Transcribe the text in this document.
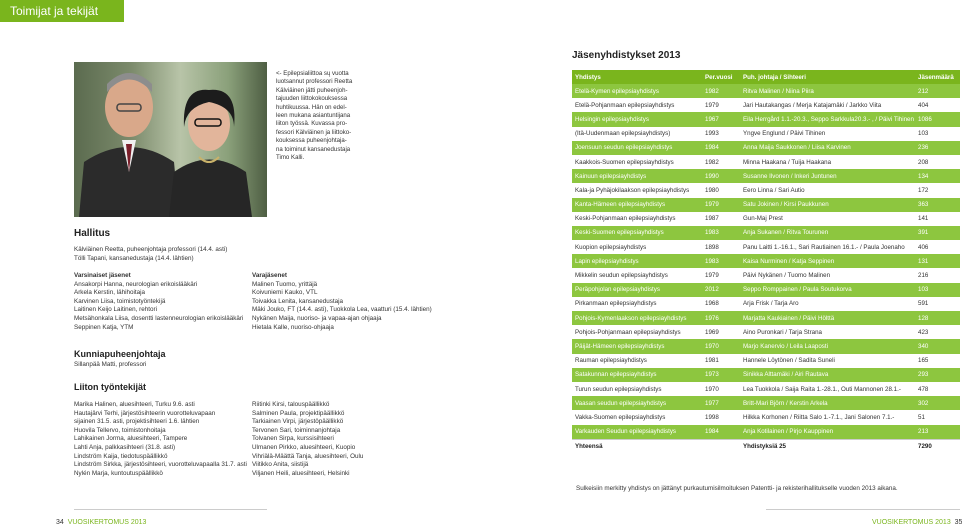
Toimijat ja tekijät
<- Epilepsialiittoa sų vuotta
luotsannut professori Reetta
Kälviäinen jätti puheenjoh-
tajuuden liittokokouksessa
huhtikuussa. Hän on edel-
leen mukana asiantuntijana
liiton työssä. Kuvassa pro-
fessori Kälviäinen ja liittoko-
kouksessa puheenjohtaja-
na toiminut kansanedustaja
Timo Kalli.
Hallitus
Kälviäinen Reetta, puheenjohtaja professori (14.4. asti)
Tölli Tapani, kansanedustaja (14.4. lähtien)
Varsinaiset jäsenet
Ansakorpi Hanna, neurologian erikoislääkäri
Arkela Kerstin, lähihoitaja
Karvinen Liisa, toimistotyöntekijä
Laitinen Keijo Laitinen, rehtori
Metsähonkala Liisa, dosentti lastenneurologian erikoislääkäri
Seppinen Katja, YTM
Varajäsenet
Malinen Tuomo, yrittäjä
Koivuniemi Kauko, VTL
Toivakka Lenita, kansanedustaja
Mäki Jouko, FT (14.4. asti), Tuokkola Lea, vaatturi (15.4. lähtien)
Nykänen Maija, nuoriso- ja vapaa-ajan ohjaaja
Hietala Kalle, nuoriso-ohjaaja
Kunniapuheenjohtaja
Sillanpää Matti, professori
Liiton työntekijät
Marika Halinen, aluesihteeri, Turku 9.6. asti
Hautajärvi Terhi, järjestösihteerin vuorotteluvapaan
sijainen 31.5. asti, projektisihteeri 1.6. lähtien
Huovila Tellervo, toimistonhoitaja
Lahikainen Jorma, aluesihteeri, Tampere
Lahti Anja, palkkasihteeri (31.8. asti)
Lindström Kaija, tiedotuspäällikkö
Lindström Sirkka, järjestösihteeri, vuorotteluvapaalla 31.7. asti
Nylén Marja, kuntoutuspäällikkö
Riitinki Kirsi, talouspäällikkö
Salminen Paula, projektipäällikkö
Tarkiainen Virpi, järjestöpäällikkö
Tervonen Sari, toiminnanjohtaja
Tolvanen Sirpa, kurssisihteeri
Ulmanen Pirkko, aluesihteeri, Kuopio
Vihriälä-Määttä Tanja, aluesihteeri, Oulu
Viitikko Anita, siistijä
Viljanen Heili, aluesihteeri, Helsinki
Jäsenyhdistykset 2013
Yhdistys	Per.vuosi	Puh. johtaja / Sihteeri	Jäsenmäärä
Etelä-Kymen epilepsiayhdistys	1982	Ritva Malinen / Niina Piira	212
Etelä-Pohjanmaan epilepsiayhdistys	1979	Jari Hautakangas / Merja Katajamäki / Jarkko Viita	404
Helsingin epilepsiayhdistys	1967	Eila Herrgård 1.1.-20.3., Seppo Sarkkula20.3.- , / Päivi Tihinen	1086
(Itä-Uudenmaan epilepsiayhdistys)	1993	Yngve Englund / Päivi Tihinen	103
Joensuun seudun epilepsiayhdistys	1984	Anna Maija Saukkonen / Liisa Karvinen	236
Kaakkois-Suomen epilepsiayhdistys	1982	Minna Haakana / Tuija Haakana	208
Kainuun epilepsiayhdistys	1990	Susanne Ilvonen / Inkeri Juntunen	134
Kala-ja Pyhäjokilaakson epilepsiayhdistys	1980	Eero Linna / Sari Autio	172
Kanta-Hämeen epilepsiayhdistys	1979	Satu Jokinen / Kirsi Paukkunen	363
Keski-Pohjanmaan epilepsiayhdistys	1987	Gun-Maj Prest	141
Keski-Suomen epilepsiayhdistys	1983	Anja Sukanen / Ritva Tourunen	391
Kuopion epilepsiayhdistys	1898	Panu Laitti 1.-16.1., Sari Rautiainen 16.1.- / Paula Joenaho	406
Lapin epilepsiayhdistys	1983	Kaisa Nurminen / Katja Seppinen	131
Mikkelin seudun epilepsiayhdistys	1979	Päivi Nykänen / Tuomo Malinen	216
Peräpohjolan epilepsiayhdistys	2012	Seppo Romppainen / Paula Soutukorva	103
Pirkanmaan epilepsiayhdistys	1968	Arja Frisk / Tarja Aro	591
Pohjois-Kymenlaakson epilepsiayhdistys	1976	Marjatta Kaukiainen / Päivi Hölttä	128
Pohjois-Pohjanmaan epilepsiayhdistys	1969	Aino Puronkari / Tarja Strana	423
Päijät-Hämeen epilepsiayhdistys	1970	Marjo Kanervio / Leila Laaposti	340
Rauman epilepsiayhdistys	1981	Hannele Löytönen / Sadita Suneli	165
Satakunnan epilepsiayhdistys	1973	Sinikka Alttamäki / Airi Rautava	293
Turun seudun epilepsiayhdistys	1970	Lea Tuokkola / Saija Raita 1.-28.1., Outi Mannonen 28.1.-	478
Vaasan seudun epilepsiayhdistys	1977	Britt-Mari Björn / Kerstin Arkela	302
Vakka-Suomen epilepsiayhdistys	1998	Hilkka Korhonen / Riitta Salo 1.-7.1., Jani Salonen 7.1.-	51
Varkauden Seudun epilepsiayhdistys	1984	Anja Kotilainen / Pirjo Kauppinen	213
Yhteensä		Yhdistyksiä 25	7290
Sulkeisiin merkitty yhdistys on jättänyt purkautumisilmoituksen Patentti- ja rekisterihallitukselle vuoden 2013 aikana.
34 VUOSIKERTOMUS 2013	VUOSIKERTOMUS 2013 35
